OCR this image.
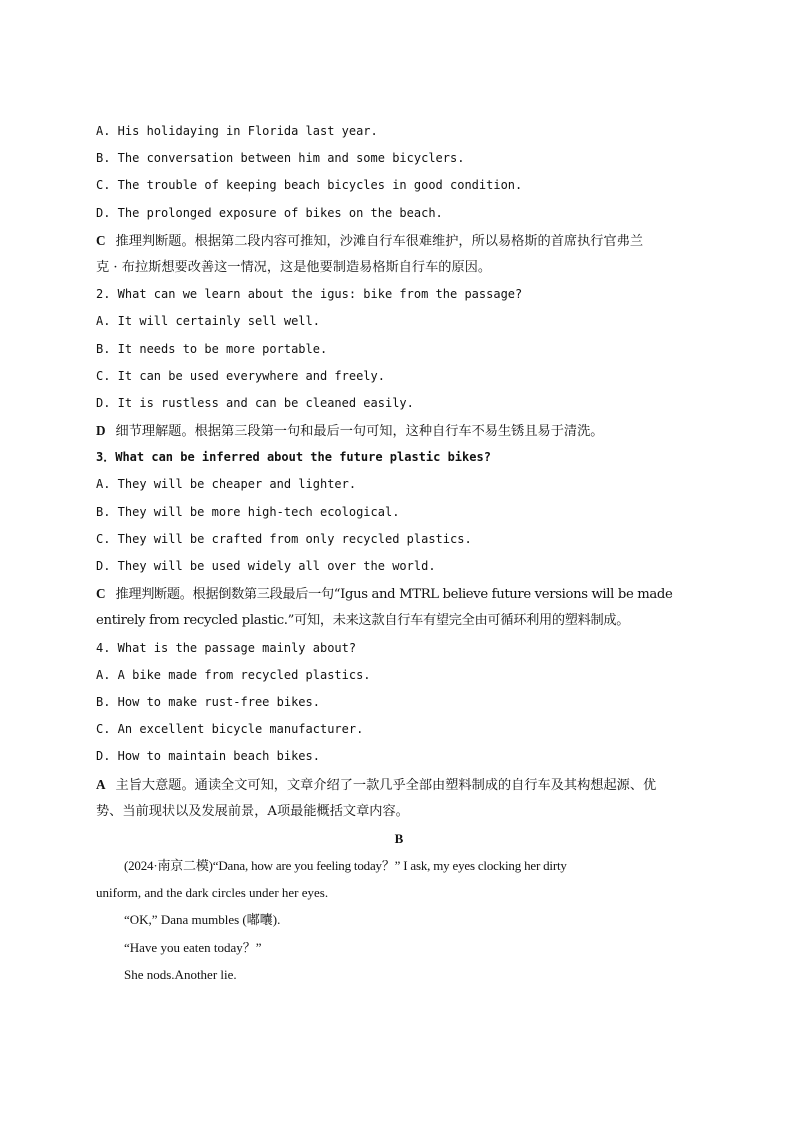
A. His holidaying in Florida last year.
B. The conversation between him and some bicyclers.
C. The trouble of keeping beach bicycles in good condition.
D. The prolonged exposure of bikes on the beach.
C 推理判断题。根据第二段内容可推知，沙滩自行车很难维护，所以易格斯的首席执行官弗兰
克 · 布拉斯想要改善这一情况，这是他要制造易格斯自行车的原因。
2. What can we learn about the igus: bike from the passage?
A. It will certainly sell well.
B. It needs to be more portable.
C. It can be used everywhere and freely.
D. It is rustless and can be cleaned easily.
D 细节理解题。根据第三段第一句和最后一句可知，这种自行车不易生锈且易于清洗。
3．What can be inferred about the future plastic bikes?
A. They will be cheaper and lighter.
B. They will be more high-tech ecological.
C. They will be crafted from only recycled plastics.
D. They will be used widely all over the world.
C 推理判断题。根据倒数第三段最后一句“Igus and MTRL believe future versions will be made
entirely from recycled plastic.”可知，未来这款自行车有望完全由可循环利用的塑料制成。
4. What is the passage mainly about?
A. A bike made from recycled plastics.
B. How to make rust-free bikes.
C. An excellent bicycle manufacturer.
D. How to maintain beach bikes.
A 主旨大意题。通读全文可知，文章介绍了一款几乎全部由塑料制成的自行车及其构想起源、优
势、当前现状以及发展前景，A项最能概括文章内容。
B
(2024·南京二模)“Dana, how are you feeling today？” I ask, my eyes clocking her dirty
uniform, and the dark circles under her eyes.
“OK,” Dana mumbles (嘟囔).
“Have you eaten today？”
She nods.Another lie.
